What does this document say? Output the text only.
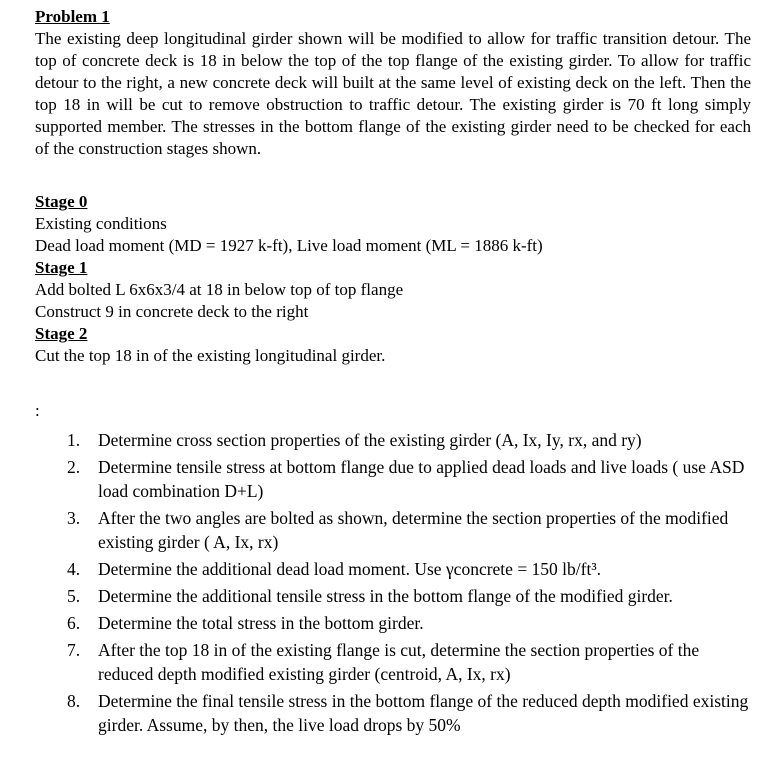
Problem 1

The existing deep longitudinal girder shown will be modified to allow for traffic transition detour. The top of concrete deck is 18 in below the top of the top flange of the existing girder. To allow for traffic detour to the right, a new concrete deck will built at the same level of existing deck on the left. Then the top 18 in will be cut to remove obstruction to traffic detour. The existing girder is 70 ft long simply supported member. The stresses in the bottom flange of the existing girder need to be checked for each of the construction stages shown.

Stage 0

Existing conditions

Dead load moment (MD = 1927 k-ft), Live load moment (ML = 1886 k-ft)

Stage 1

Add bolted L 6x6x3/4 at 18 in below top of top flange

Construct 9 in concrete deck to the right

Stage 2

Cut the top 18 in of the existing longitudinal girder.

:

1.	Determine cross section properties of the existing girder (A, Ix, Iy, rx, and ry)
2.	Determine tensile stress at bottom flange due to applied dead loads and live loads ( use ASD load combination D+L)
3.	After the two angles are bolted as shown, determine the section properties of the modified existing girder ( A, Ix, rx)
4.	Determine the additional dead load moment. Use γconcrete = 150 lb/ft³.
5.	Determine the additional tensile stress in the bottom flange of the modified girder.
6.	Determine the total stress in the bottom girder.
7.	After the top 18 in of the existing flange is cut, determine the section properties of the reduced depth modified existing girder (centroid, A, Ix, rx)
8.	Determine the final tensile stress in the bottom flange of the reduced depth modified existing girder. Assume, by then, the live load drops by 50%
